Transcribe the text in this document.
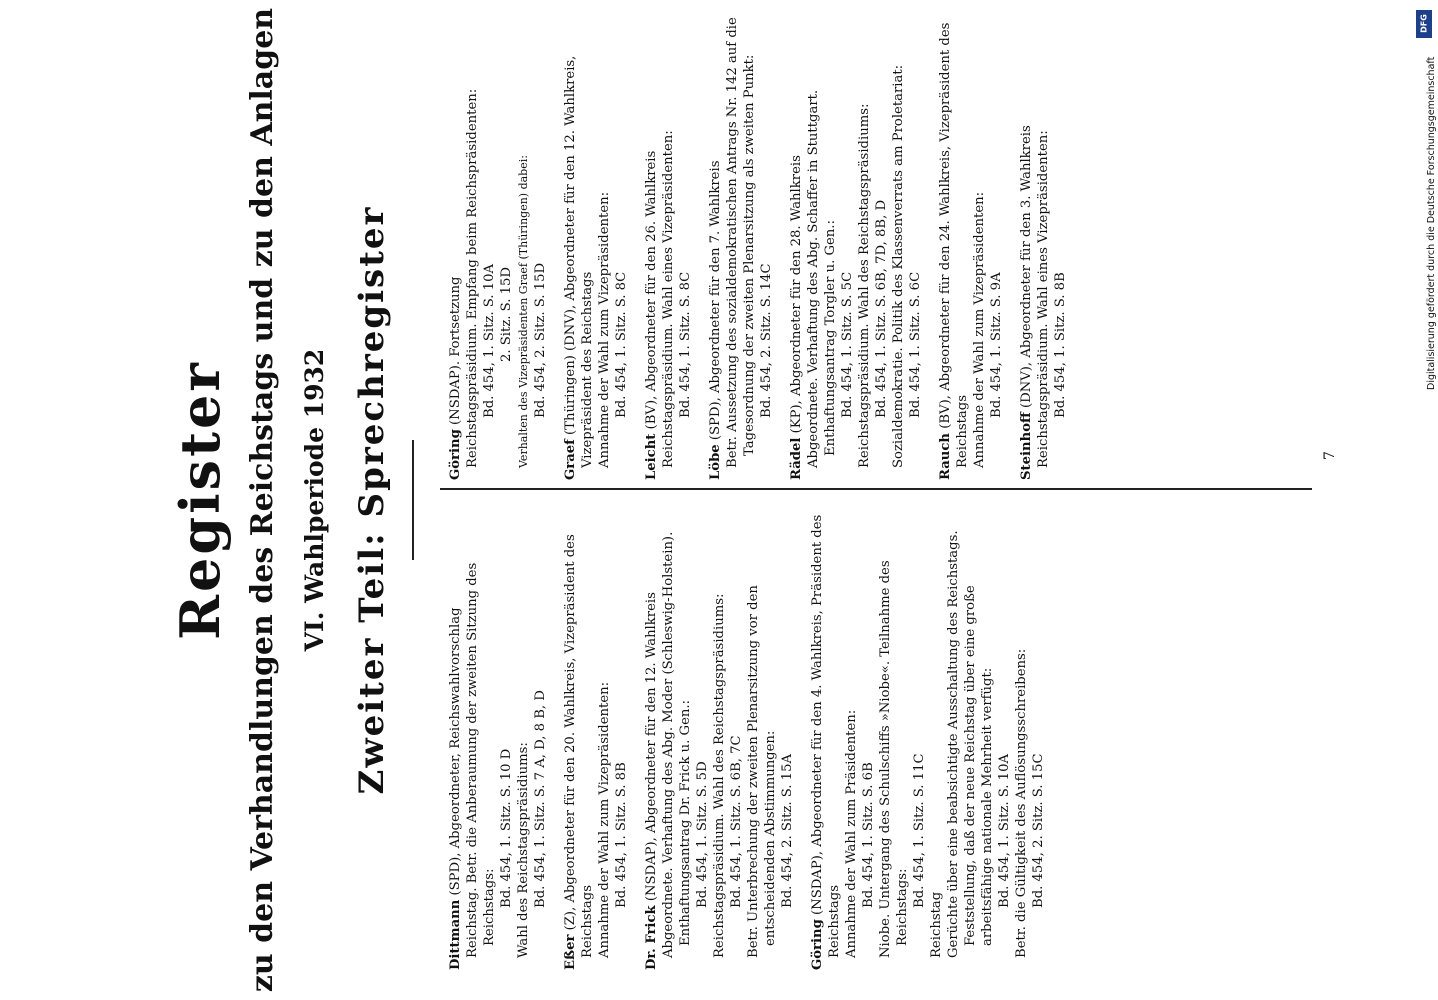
Register zu den Verhandlungen des Reichstags und zu den Anlagen VI. Wahlperiode 1932 Zweiter Teil: Sprechregister
Dittmann (SPD), Abgeordneter, Reichswahlvorschlag Reichstag. Betr. die Anberaumung der zweiten Sitzung des Reichstags: Bd. 454, 1. Sitz. S. 10 D Wahl des Reichstagspräsidiums: Bd. 454, 1. Sitz. S. 7 A, D, 8 B, D
Eßer (Z), Abgeordneter für den 20. Wahlkreis, Vizepräsident des Reichstags Annahme der Wahl zum Vizepräsidenten: Bd. 454, 1. Sitz. S. 8B
Dr. Frick (NSDAP), Abgeordneter für den 12. Wahlkreis Abgeordnete. Verhaftung des Abg. Moder (Schleswig-Holstein). Enthaftungsantrag Dr. Frick u. Gen.: Bd. 454, 1. Sitz. S. 5D Reichstagspräsidium. Wahl des Reichstagspräsidiums: Bd. 454, 1. Sitz. S. 6B, 7C Betr. Unterbrechung der zweiten Plenarsitzung vor den entscheidenden Abstimmungen: Bd. 454, 2. Sitz. S. 15A
Göring (NSDAP), Abgeordneter für den 4. Wahlkreis, Präsident des Reichstags Annahme der Wahl zum Präsidenten: Bd. 454, 1. Sitz. S. 6B Niobe. Untergang des Schulschiffs »Niobe«. Teilnahme des Reichstags: Bd. 454, 1. Sitz. S. 11C
Reichstag Gerüchte über eine beabsichtigte Ausschaltung des Reichstags. Feststellung, daß der neue Reichstag über eine große arbeitsfähige nationale Mehrheit verfügt: Bd. 454, 1. Sitz. S. 10A Betr. die Gültigkeit des Auflösungsschreibens: Bd. 454, 2. Sitz. S. 15C
Göring (NSDAP). Fortsetzung Reichstagspräsidium. Empfang beim Reichspräsidenten: Bd. 454, 1. Sitz. S. 10A 2. Sitz. S. 15D Verhalten des Vizepräsidenten Graef (Thüringen) dabei: Bd. 454, 2. Sitz. S. 15D
Graef (Thüringen) (DNV), Abgeordneter für den 12. Wahlkreis, Vizepräsident des Reichstags Annahme der Wahl zum Vizepräsidenten: Bd. 454, 1. Sitz. S. 8C
Leicht (BV), Abgeordneter für den 26. Wahlkreis Reichstagspräsidium. Wahl eines Vizepräsidenten: Bd. 454, 1. Sitz. S. 8C
Löbe (SPD), Abgeordneter für den 7. Wahlkreis Betr. Aussetzung des sozialdemokratischen Antrags Nr. 142 auf die Tagesordnung der zweiten Plenarsitzung als zweiten Punkt: Bd. 454, 2. Sitz. S. 14C
Rädel (KP), Abgeordneter für den 28. Wahlkreis Abgeordnete. Verhaftung des Abg. Schaffer in Stuttgart. Enthaftungsantrag Torgler u. Gen.: Bd. 454, 1. Sitz. S. 5C Reichstagspräsidium. Wahl des Reichstagspräsidiums: Bd. 454, 1. Sitz. S. 6B, 7D, 8B, D Sozialdemokratie. Politik des Klassenverrats am Proletariat: Bd. 454, 1. Sitz. S. 6C
Rauch (BV), Abgeordneter für den 24. Wahlkreis, Vizepräsident des Reichstags Annahme der Wahl zum Vizepräsidenten: Bd. 454, 1. Sitz. S. 9A
Steinhoff (DNV), Abgeordneter für den 3. Wahlkreis Reichstagspräsidium. Wahl eines Vizepräsidenten: Bd. 454, 1. Sitz. S. 8B
7
Digitalisierung gefördert durch die Deutsche Forschungsgemeinschaft
DFG
